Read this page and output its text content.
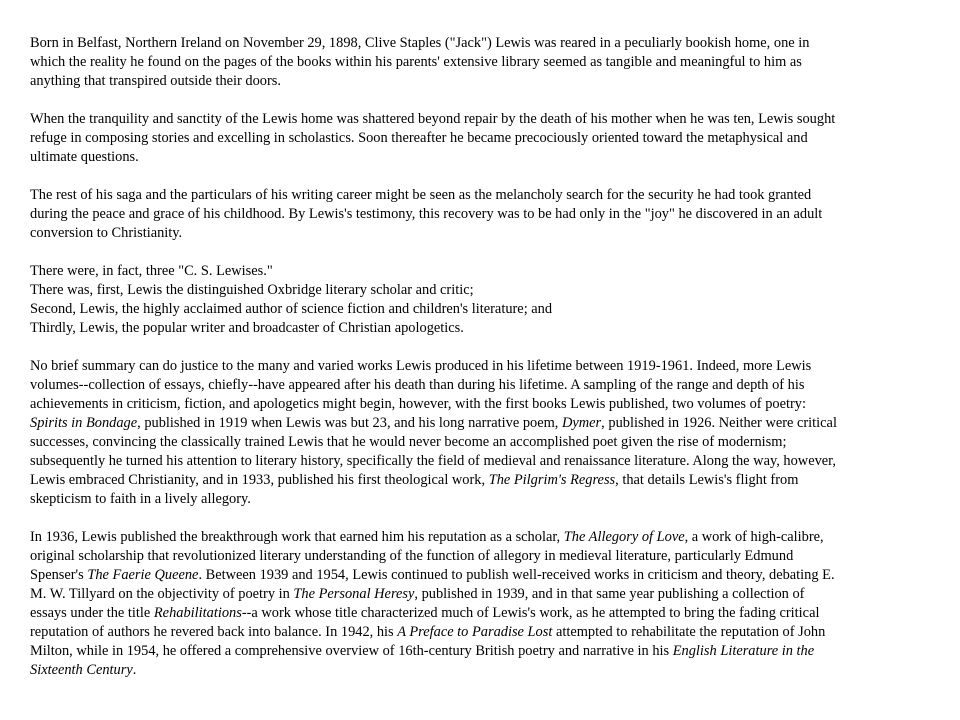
Born in Belfast, Northern Ireland on November 29, 1898, Clive Staples ("Jack") Lewis was reared in a peculiarly bookish home, one in
which the reality he found on the pages of the books within his parents' extensive library seemed as tangible and meaningful to him as
anything that transpired outside their doors.

When the tranquility and sanctity of the Lewis home was shattered beyond repair by the death of his mother when he was ten, Lewis sought
refuge in composing stories and excelling in scholastics. Soon thereafter he became precociously oriented toward the metaphysical and
ultimate questions.

The rest of his saga and the particulars of his writing career might be seen as the melancholy search for the security he had took granted
during the peace and grace of his childhood. By Lewis's testimony, this recovery was to be had only in the "joy" he discovered in an adult
conversion to Christianity.

There were, in fact, three "C. S. Lewises."
There was, first, Lewis the distinguished Oxbridge literary scholar and critic;
Second, Lewis, the highly acclaimed author of science fiction and children's literature; and
Thirdly, Lewis, the popular writer and broadcaster of Christian apologetics.

No brief summary can do justice to the many and varied works Lewis produced in his lifetime between 1919-1961. Indeed, more Lewis
volumes--collection of essays, chiefly--have appeared after his death than during his lifetime. A sampling of the range and depth of his
achievements in criticism, fiction, and apologetics might begin, however, with the first books Lewis published, two volumes of poetry:
Spirits in Bondage, published in 1919 when Lewis was but 23, and his long narrative poem, Dymer, published in 1926. Neither were critical
successes, convincing the classically trained Lewis that he would never become an accomplished poet given the rise of modernism;
subsequently he turned his attention to literary history, specifically the field of medieval and renaissance literature. Along the way, however,
Lewis embraced Christianity, and in 1933, published his first theological work, The Pilgrim's Regress, that details Lewis's flight from
skepticism to faith in a lively allegory.

In 1936, Lewis published the breakthrough work that earned him his reputation as a scholar, The Allegory of Love, a work of high-calibre,
original scholarship that revolutionized literary understanding of the function of allegory in medieval literature, particularly Edmund
Spenser's The Faerie Queene. Between 1939 and 1954, Lewis continued to publish well-received works in criticism and theory, debating E.
M. W. Tillyard on the objectivity of poetry in The Personal Heresy, published in 1939, and in that same year publishing a collection of
essays under the title Rehabilitations--a work whose title characterized much of Lewis's work, as he attempted to bring the fading critical
reputation of authors he revered back into balance. In 1942, his A Preface to Paradise Lost attempted to rehabilitate the reputation of John
Milton, while in 1954, he offered a comprehensive overview of 16th-century British poetry and narrative in his English Literature in the
Sixteenth Century.
